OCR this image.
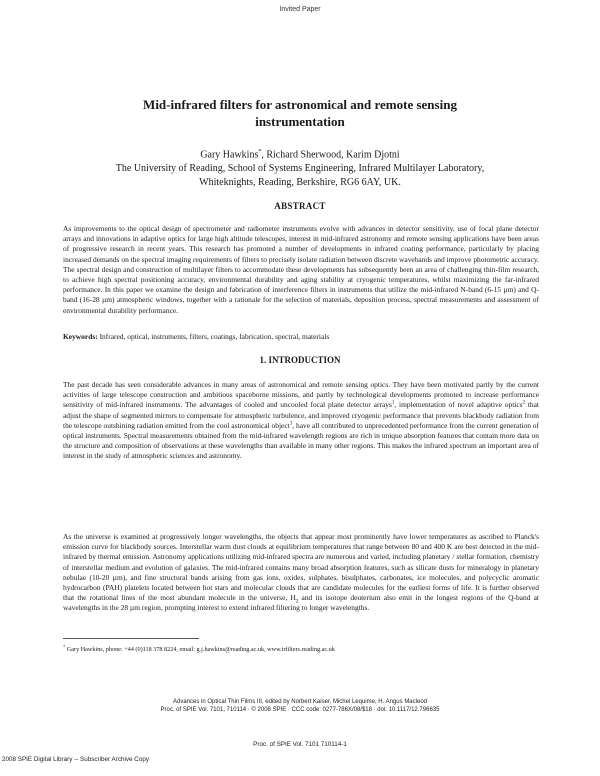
Invited Paper
Mid-infrared filters for astronomical and remote sensing
instrumentation
Gary Hawkins*, Richard Sherwood, Karim Djotni
The University of Reading, School of Systems Engineering, Infrared Multilayer Laboratory,
Whiteknights, Reading, Berkshire, RG6 6AY, UK.
ABSTRACT
As improvements to the optical design of spectrometer and radiometer instruments evolve with advances in detector sensitivity, use of focal plane detector arrays and innovations in adaptive optics for large high altitude telescopes, interest in mid-infrared astronomy and remote sensing applications have been areas of progressive research in recent years. This research has promoted a number of developments in infrared coating performance, particularly by placing increased demands on the spectral imaging requirements of filters to precisely isolate radiation between discrete wavebands and improve photometric accuracy. The spectral design and construction of multilayer filters to accommodate these developments has subsequently been an area of challenging thin-film research, to achieve high spectral positioning accuracy, environmental durability and aging stability at cryogenic temperatures, whilst maximizing the far-infrared performance. In this paper we examine the design and fabrication of interference filters in instruments that utilize the mid-infrared N-band (6-15 µm) and Q-band (16-28 µm) atmospheric windows, together with a rationale for the selection of materials, deposition process, spectral measurements and assessment of environmental durability performance.
Keywords: Infrared, optical, instruments, filters, coatings, fabrication, spectral, materials
1. INTRODUCTION
The past decade has seen considerable advances in many areas of astronomical and remote sensing optics. They have been motivated partly by the current activities of large telescope construction and ambitious spaceborne missions, and partly by technological developments promoted to increase performance sensitivity of mid-infrared instruments. The advantages of cooled and uncooled focal plane detector arrays$^1$, implementation of novel adaptive optics$^2$ that adjust the shape of segmented mirrors to compensate for atmospheric turbulence, and improved cryogenic performance that prevents blackbody radiation from the telescope outshining radiation emitted from the cool astronomical object$^3$, have all contributed to unprecedented performance from the current generation of optical instruments. Spectral measurements obtained from the mid-infrared wavelength regions are rich in unique absorption features that contain more data on the structure and composition of observations at these wavelengths than available in many other regions. This makes the infrared spectrum an important area of interest in the study of atmospheric sciences and astronomy.
As the universe is examined at progressively longer wavelengths, the objects that appear most prominently have lower temperatures as ascribed to Planck's emission curve for blackbody sources. Interstellar warm dust clouds at equilibrium temperatures that range between 80 and 400 K are best detected in the mid-infrared by thermal emission. Astronomy applications utilizing mid-infrared spectra are numerous and varied, including planetary / stellar formation, chemistry of interstellar medium and evolution of galaxies. The mid-infrared contains many broad absorption features, such as silicate dusts for mineralogy in planetary nebulae (10-20 µm), and fine structural bands arising from gas ions, oxides, sulphates, bisulphates, carbonates, ice molecules, and polycyclic aromatic hydrocarbon (PAH) platelets located between hot stars and molecular clouds that are candidate molecules for the earliest forms of life. It is further observed that the rotational lines of the most abundant molecule in the universe, $H_2$ and its isotope deuterium also emit in the longest regions of the Q-band at wavelengths in the 28 µm region, prompting interest to extend infrared filtering to longer wavelengths.
* Gary Hawkins, phone: +44 (0)118 378 8224, email: g.j.hawkins@reading.ac.uk, www.irfilters.reading.ac.uk
Advances in Optical Thin Films III, edited by Norbert Kaiser, Michel Lequime, H. Angus Macleod
Proc. of SPIE Vol. 7101, 710114 · © 2008 SPIE · CCC code: 0277-786X/08/$18 · doi: 10.1117/12.796635
Proc. of SPIE Vol. 7101 710114-1
2008 SPIE Digital Library -- Subscriber Archive Copy
